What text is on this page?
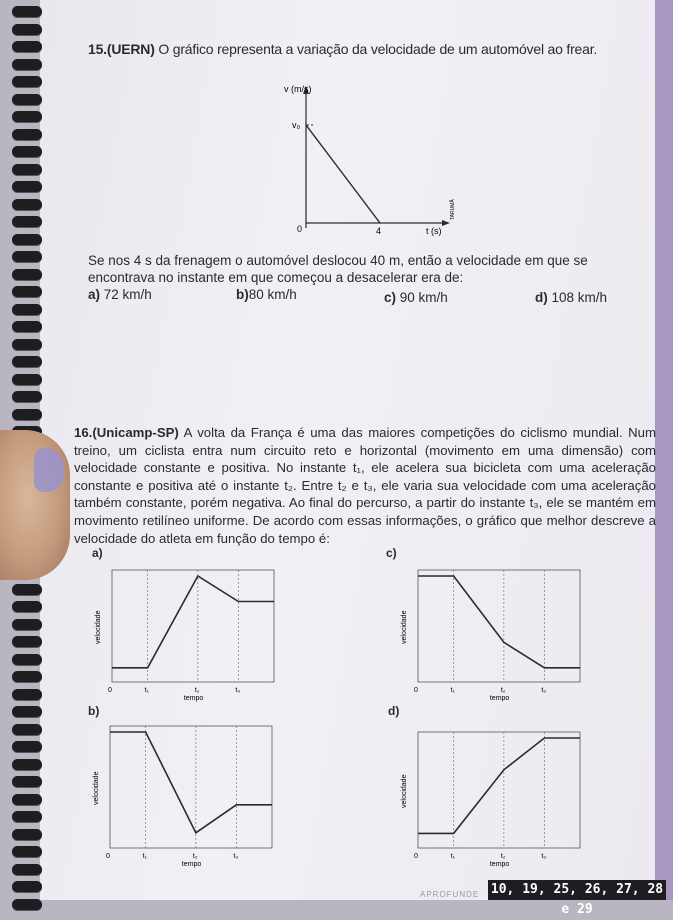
15.(UERN) O gráfico representa a variação da velocidade de um automóvel ao frear.
v (m/s)
v₀
0	4	t (s)
TARUMÃ
Se nos 4 s da frenagem o automóvel deslocou 40 m, então a velocidade em que se encontrava no instante em que começou a desacelerar era de:
a) 72 km/h	b)80 km/h	c) 90 km/h	d) 108 km/h
16.(Unicamp-SP) A volta da França é uma das maiores competições do ciclismo mundial. Num treino, um ciclista entra num circuito reto e horizontal (movimento em uma dimensão) com velocidade constante e positiva. No instante t₁, ele acelera sua bicicleta com uma aceleração constante e positiva até o instante t₂. Entre t₂ e t₃, ele varia sua velocidade com uma aceleração também constante, porém negativa. Ao final do percurso, a partir do instante t₃, ele se mantém em movimento retilíneo uniforme. De acordo com essas informações, o gráfico que melhor descreve a velocidade do atleta em função do tempo é:
a)	c)
b)	d)
0	t₁	t₂	t₃
tempo
velocidade
0	t₁	t₂	t₃
tempo
velocidade
0	t₁	t₂	t₃
tempo
velocidade
0	t₁	t₂	t₃
tempo
velocidade
APROFUNDE 10, 19, 25, 26, 27, 28 e 29
